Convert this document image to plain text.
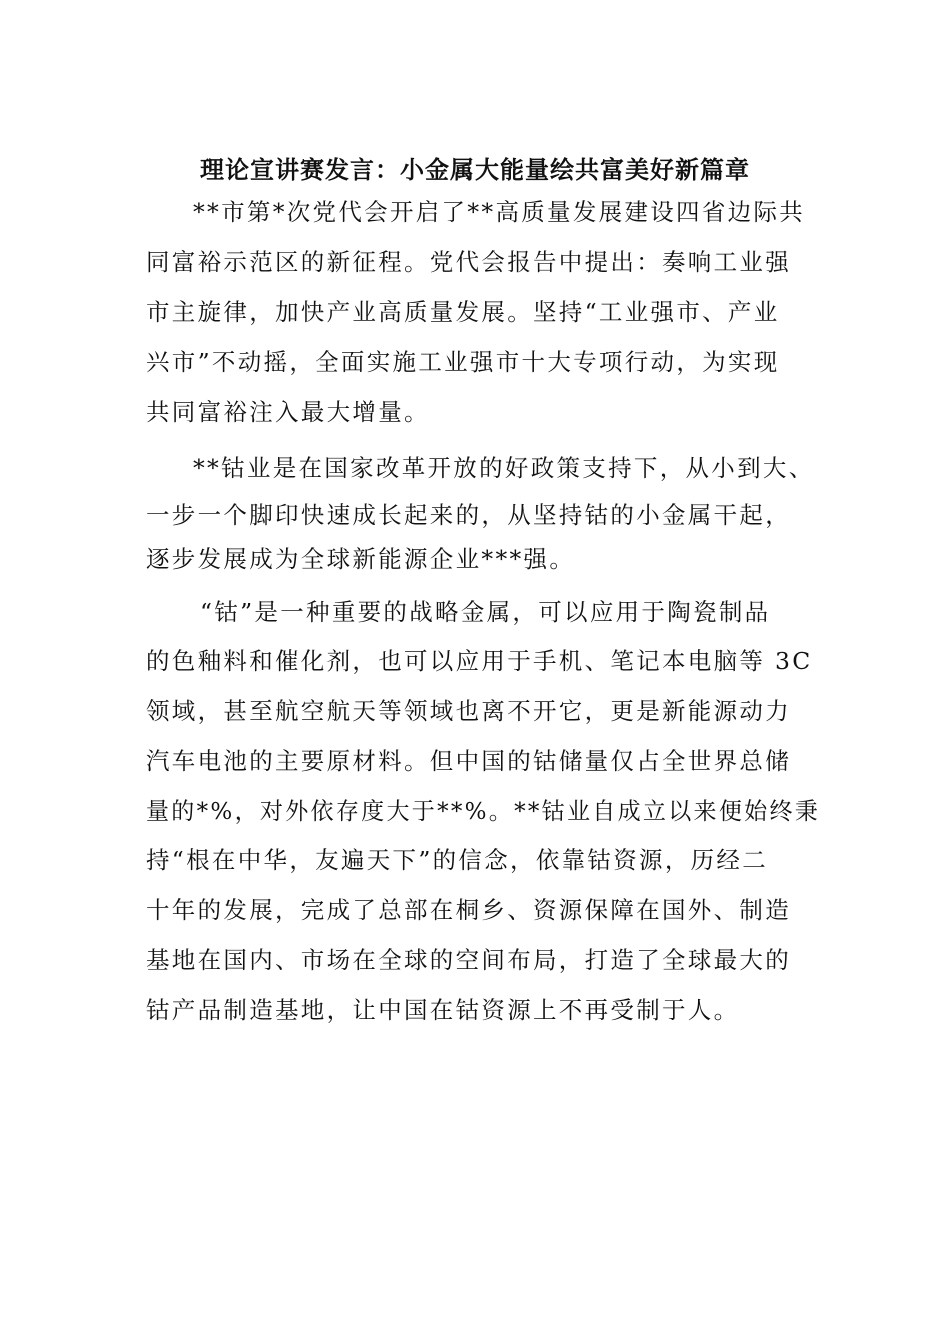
理论宣讲赛发言：小金属大能量绘共富美好新篇章
**市第*次党代会开启了**高质量发展建设四省边际共
同富裕示范区的新征程。党代会报告中提出：奏响工业强
市主旋律，加快产业高质量发展。坚持“工业强市、产业
兴市”不动摇，全面实施工业强市十大专项行动，为实现
共同富裕注入最大增量。
**钴业是在国家改革开放的好政策支持下，从小到大、
一步一个脚印快速成长起来的，从坚持钴的小金属干起，
逐步发展成为全球新能源企业***强。
“钴”是一种重要的战略金属，可以应用于陶瓷制品
的色釉料和催化剂，也可以应用于手机、笔记本电脑等 3C
领域，甚至航空航天等领域也离不开它，更是新能源动力
汽车电池的主要原材料。但中国的钴储量仅占全世界总储
量的*%，对外依存度大于**%。**钴业自成立以来便始终秉
持“根在中华，友遍天下”的信念，依靠钴资源，历经二
十年的发展，完成了总部在桐乡、资源保障在国外、制造
基地在国内、市场在全球的空间布局，打造了全球最大的
钴产品制造基地，让中国在钴资源上不再受制于人。
